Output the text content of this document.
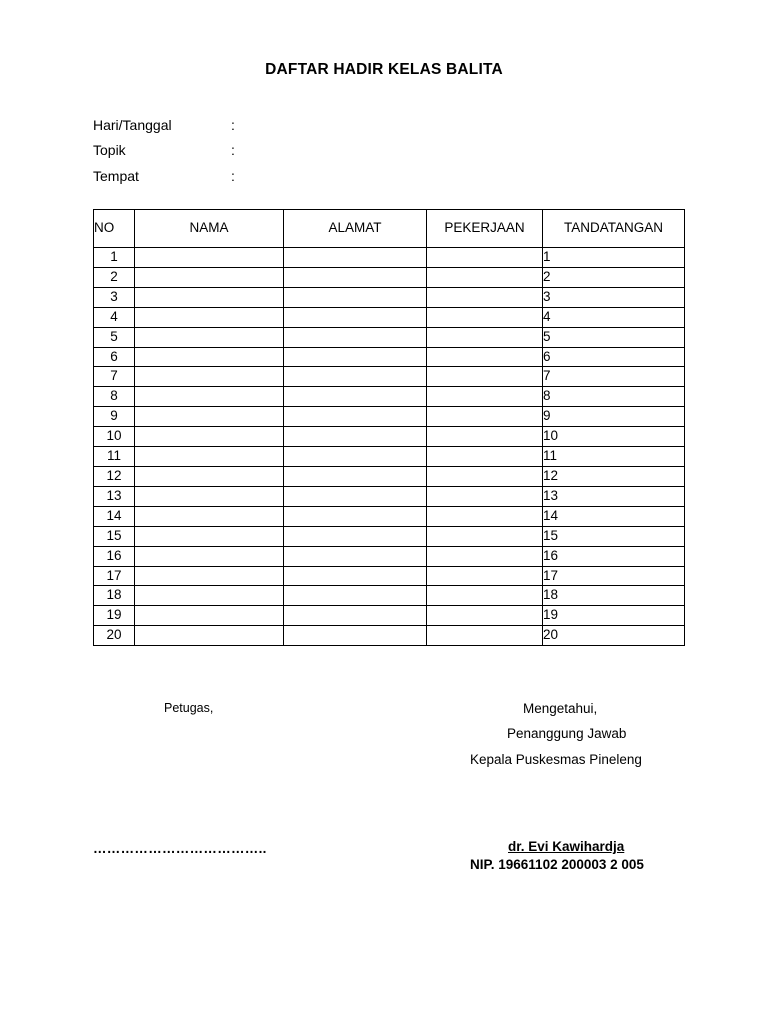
DAFTAR HADIR KELAS BALITA
Hari/Tanggal	:
Topik	:
Tempat	:
NO	NAMA	ALAMAT	PEKERJAAN	TANDATANGAN
1				1
2				2
3				3
4				4
5				5
6				6
7				7
8				8
9				9
10				10
11				11
12				12
13				13
14				14
15				15
16				16
17				17
18				18
19				19
20				20
Petugas,	Mengetahui,
Penanggung Jawab
Kepala Puskesmas Pineleng
………………………………..	dr. Evi Kawihardja
NIP. 19661102 200003 2 005
